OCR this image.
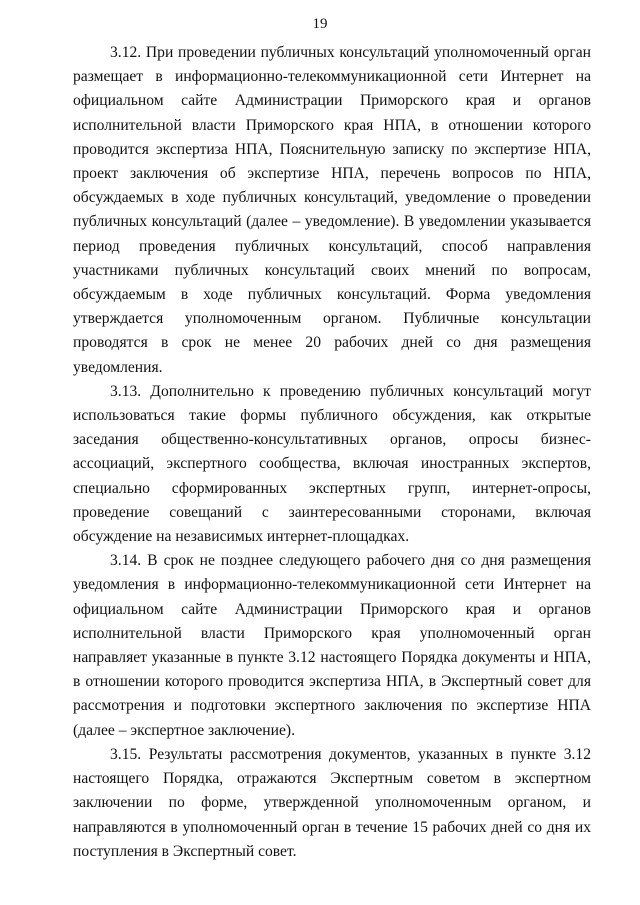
19

3.12. При проведении публичных консультаций уполномоченный орган размещает в информационно-телекоммуникационной сети Интернет на официальном сайте Администрации Приморского края и органов исполнительной власти Приморского края НПА, в отношении которого проводится экспертиза НПА, Пояснительную записку по экспертизе НПА, проект заключения об экспертизе НПА, перечень вопросов по НПА, обсуждаемых в ходе публичных консультаций, уведомление о проведении публичных консультаций (далее – уведомление). В уведомлении указывается период проведения публичных консультаций, способ направления участниками публичных консультаций своих мнений по вопросам, обсуждаемым в ходе публичных консультаций. Форма уведомления утверждается уполномоченным органом. Публичные консультации проводятся в срок не менее 20 рабочих дней со дня размещения уведомления.

3.13. Дополнительно к проведению публичных консультаций могут использоваться такие формы публичного обсуждения, как открытые заседания общественно-консультативных органов, опросы бизнес-ассоциаций, экспертного сообщества, включая иностранных экспертов, специально сформированных экспертных групп, интернет-опросы, проведение совещаний с заинтересованными сторонами, включая обсуждение на независимых интернет-площадках.

3.14. В срок не позднее следующего рабочего дня со дня размещения уведомления в информационно-телекоммуникационной сети Интернет на официальном сайте Администрации Приморского края и органов исполнительной власти Приморского края уполномоченный орган направляет указанные в пункте 3.12 настоящего Порядка документы и НПА, в отношении которого проводится экспертиза НПА, в Экспертный совет для рассмотрения и подготовки экспертного заключения по экспертизе НПА (далее – экспертное заключение).

3.15. Результаты рассмотрения документов, указанных в пункте 3.12 настоящего Порядка, отражаются Экспертным советом в экспертном заключении по форме, утвержденной уполномоченным органом, и направляются в уполномоченный орган в течение 15 рабочих дней со дня их поступления в Экспертный совет.
